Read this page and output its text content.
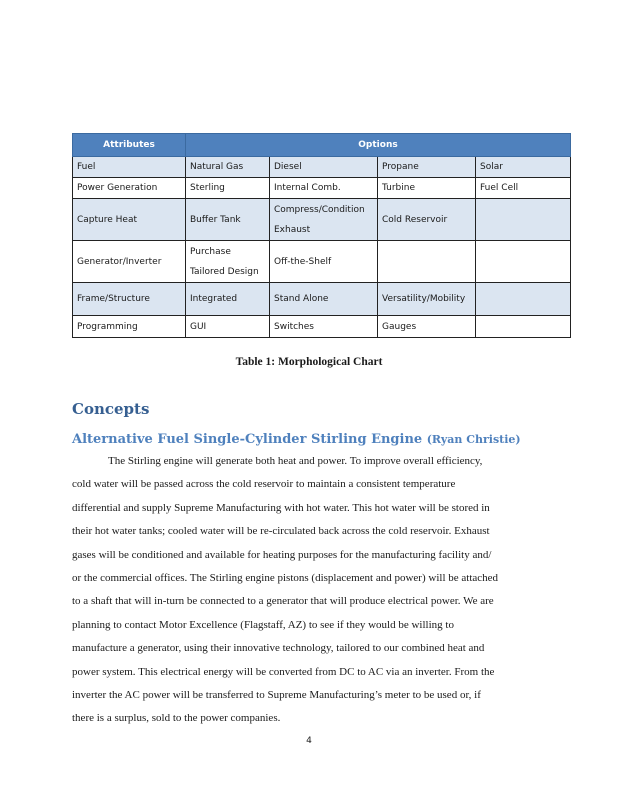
Attributes	Options			
Fuel	Natural Gas	Diesel	Propane	Solar
Power Generation	Sterling	Internal Comb.	Turbine	Fuel Cell
Capture Heat	Buffer Tank	Compress/Condition Exhaust	Cold Reservoir	
Generator/Inverter	Purchase Tailored Design	Off-the-Shelf		
Frame/Structure	Integrated	Stand Alone	Versatility/Mobility	
Programming	GUI	Switches	Gauges	
Table 1: Morphological Chart
Concepts
Alternative Fuel Single-Cylinder Stirling Engine (Ryan Christie)
The Stirling engine will generate both heat and power. To improve overall efficiency,
cold water will be passed across the cold reservoir to maintain a consistent temperature
differential and supply Supreme Manufacturing with hot water. This hot water will be stored in
their hot water tanks; cooled water will be re-circulated back across the cold reservoir. Exhaust
gases will be conditioned and available for heating purposes for the manufacturing facility and/
or the commercial offices. The Stirling engine pistons (displacement and power) will be attached
to a shaft that will in-turn be connected to a generator that will produce electrical power. We are
planning to contact Motor Excellence (Flagstaff, AZ) to see if they would be willing to
manufacture a generator, using their innovative technology, tailored to our combined heat and
power system. This electrical energy will be converted from DC to AC via an inverter. From the
inverter the AC power will be transferred to Supreme Manufacturing’s meter to be used or, if
there is a surplus, sold to the power companies.
4
